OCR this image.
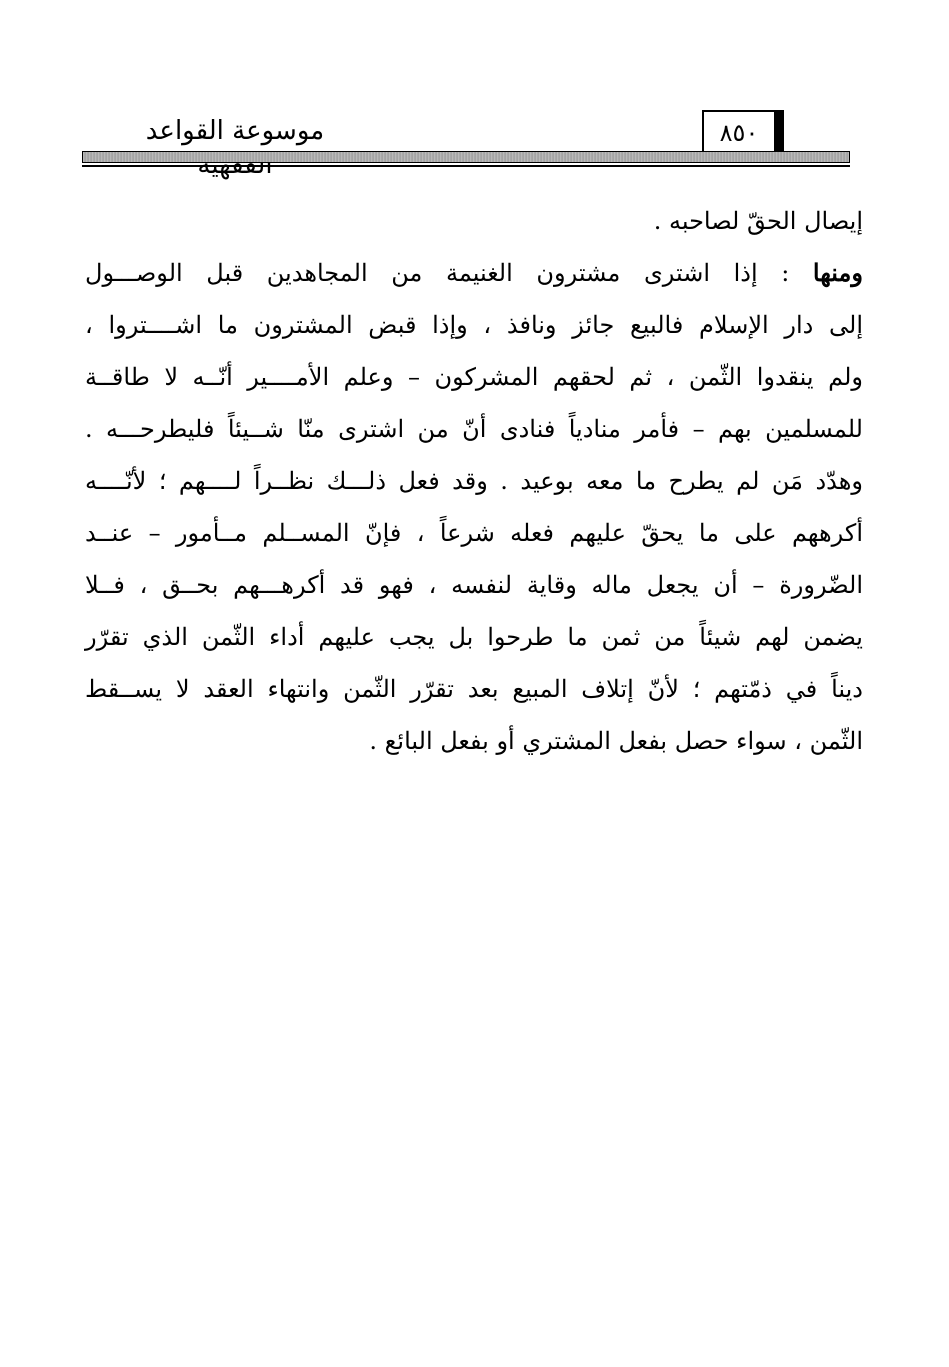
موسوعة القواعد	٨٥٠
إيصال الحقّ لصاحبه .
ومنها : إذا اشترى مشترون الغنيمة من المجاهدين قبل الوصـــول
إلى دار الإسلام فالبيع جائز ونافذ ، وإذا قبض المشترون ما اشــــتروا ،
ولم ينقدوا الثّمن ، ثم لحقهم المشركون – وعلم الأمــــير أنّــه لا طاقــة
للمسلمين بهم – فأمر منادياً فنادى أنّ من اشترى منّا شــيئاً فليطرحـــه .
وهدّد مَن لم يطرح ما معه بوعيد . وقد فعل ذلـــك نظــراً لــــهم ؛ لأنّــــه
أكرههم على ما يحقّ عليهم فعله شرعاً ، فإنّ المســلم مــأمور – عنــد
الضّرورة – أن يجعل ماله وقاية لنفسه ، فهو قد أكرهـــهم بحــق ، فــلا
يضمن لهم شيئاً من ثمن ما طرحوا بل يجب عليهم أداء الثّمن الذي تقرّر
ديناً في ذمّتهم ؛ لأنّ إتلاف المبيع بعد تقرّر الثّمن وانتهاء العقد لا يســقط
الثّمن ، سواء حصل بفعل المشتري أو بفعل البائع .
